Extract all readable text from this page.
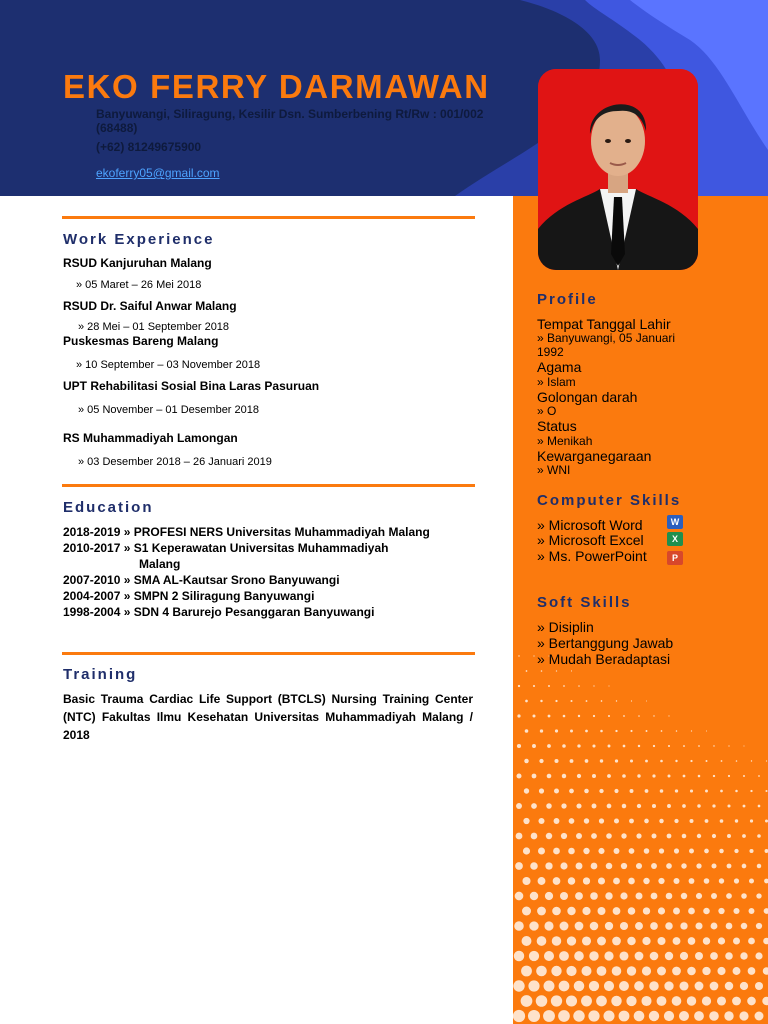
EKO FERRY DARMAWAN
Banyuwangi, Siliragung, Kesilir Dsn. Sumberbening Rt/Rw : 001/002 (68488)
(+62) 81249675900
ekoferry05@gmail.com
Work Experience
RSUD Kanjuruhan Malang
» 05 Maret – 26 Mei 2018
RSUD Dr. Saiful Anwar Malang
» 28 Mei – 01 September 2018
Puskesmas Bareng Malang
» 10 September – 03 November 2018
UPT Rehabilitasi Sosial Bina Laras Pasuruan
» 05 November – 01 Desember 2018
RS Muhammadiyah Lamongan
» 03 Desember 2018 – 26 Januari 2019
Education
2018-2019 » PROFESI NERS Universitas Muhammadiyah Malang
2010-2017 » S1 Keperawatan Universitas Muhammadiyah
Malang
2007-2010 » SMA AL-Kautsar Srono Banyuwangi
2004-2007 » SMPN 2 Siliragung Banyuwangi
1998-2004 » SDN 4 Barurejo Pesanggaran Banyuwangi
Training
Basic Trauma Cardiac Life Support (BTCLS) Nursing Training Center (NTC) Fakultas Ilmu Kesehatan Universitas Muhammadiyah Malang / 2018
Profile
Tempat Tanggal Lahir
» Banyuwangi, 05 Januari 1992
Agama
» Islam
Golongan darah
» O
Status
» Menikah
Kewarganegaraan
» WNI
Computer Skills
» Microsoft Word	W
» Microsoft Excel	X
» Ms. PowerPoint	P
Soft Skills
» Disiplin
» Bertanggung Jawab
» Mudah Beradaptasi
